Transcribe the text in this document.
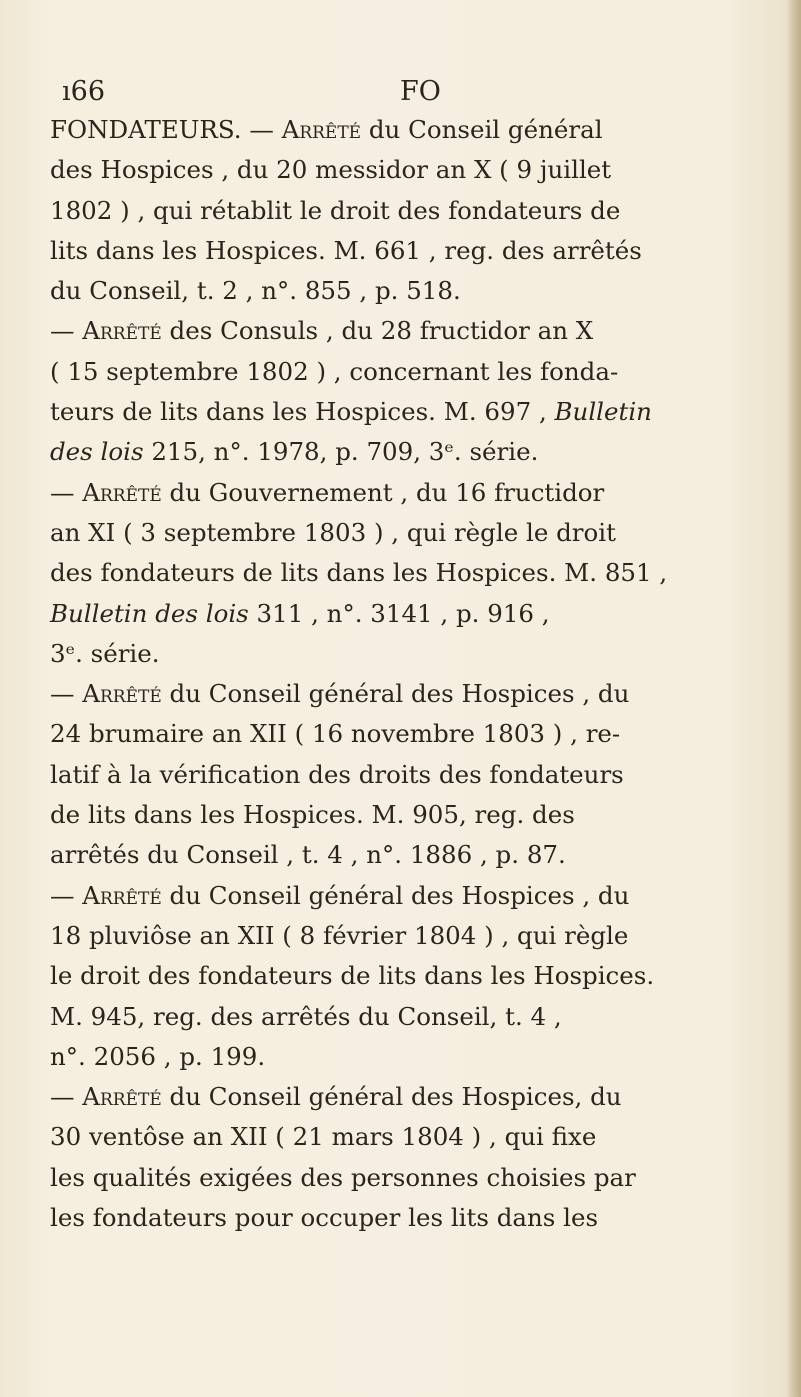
ı66	FO
FONDATEURS. — Arrêté du Conseil général
des Hospices , du 20 messidor an X ( 9 juillet
1802 ) , qui rétablit le droit des fondateurs de
lits dans les Hospices. M. 661 , reg. des arrêtés
du Conseil, t. 2 , n°. 855 , p. 518.
— Arrêté des Consuls , du 28 fructidor an X
( 15 septembre 1802 ) , concernant les fonda-
teurs de lits dans les Hospices. M. 697 , Bulletin
des lois 215, n°. 1978, p. 709, 3ᵉ. série.
— Arrêté du Gouvernement , du 16 fructidor
an XI ( 3 septembre 1803 ) , qui règle le droit
des fondateurs de lits dans les Hospices. M. 851 ,
Bulletin des lois 311 , n°. 3141 , p. 916 ,
3ᵉ. série.
— Arrêté du Conseil général des Hospices , du
24 brumaire an XII ( 16 novembre 1803 ) , re-
latif à la vérification des droits des fondateurs
de lits dans les Hospices. M. 905, reg. des
arrêtés du Conseil , t. 4 , n°. 1886 , p. 87.
— Arrêté du Conseil général des Hospices , du
18 pluviôse an XII ( 8 février 1804 ) , qui règle
le droit des fondateurs de lits dans les Hospices.
M. 945, reg. des arrêtés du Conseil, t. 4 ,
n°. 2056 , p. 199.
— Arrêté du Conseil général des Hospices, du
30 ventôse an XII ( 21 mars 1804 ) , qui fixe
les qualités exigées des personnes choisies par
les fondateurs pour occuper les lits dans les
